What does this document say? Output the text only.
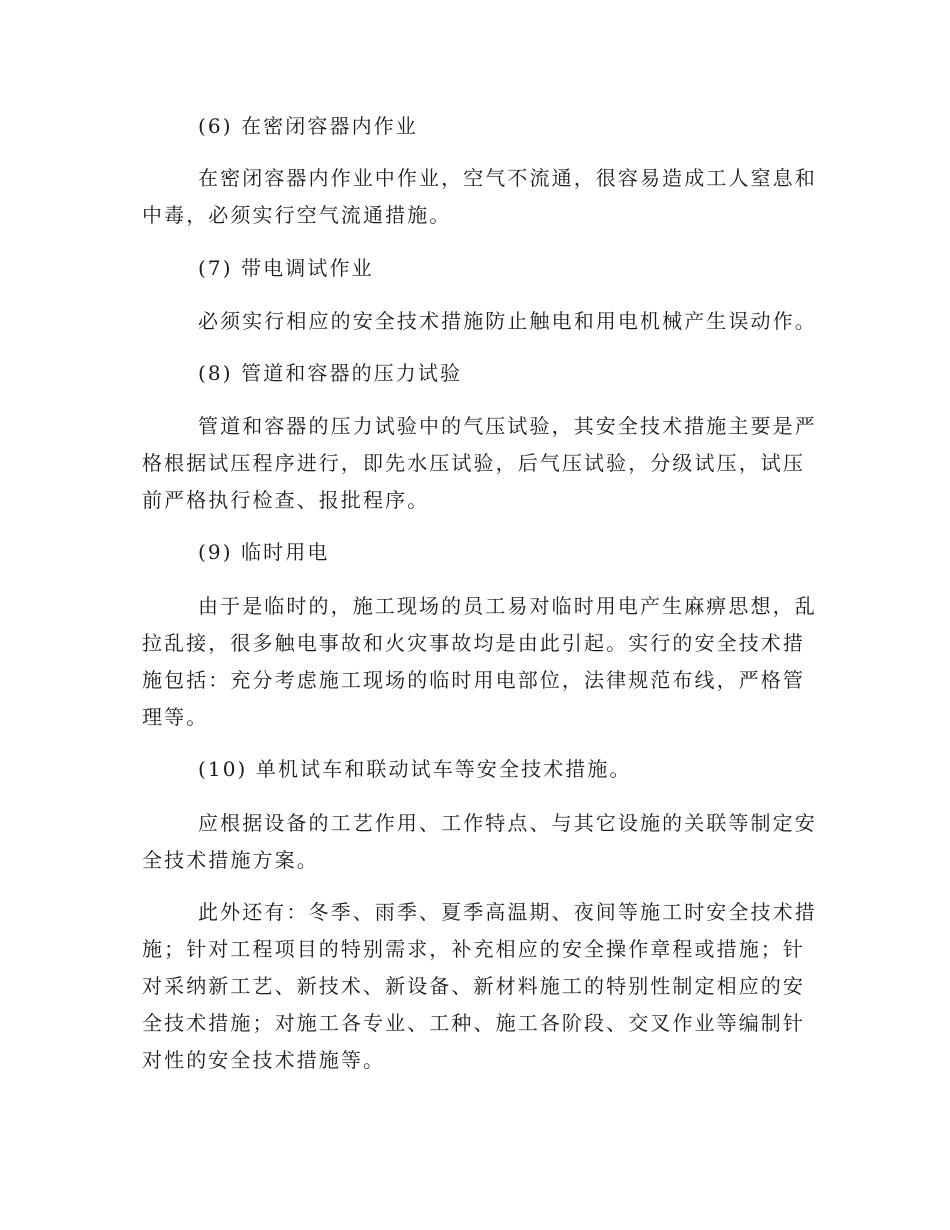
(6) 在密闭容器内作业
在密闭容器内作业中作业，空气不流通，很容易造成工人窒息和
中毒，必须实行空气流通措施。
(7) 带电调试作业
必须实行相应的安全技术措施防止触电和用电机械产生误动作。
(8) 管道和容器的压力试验
管道和容器的压力试验中的气压试验，其安全技术措施主要是严
格根据试压程序进行，即先水压试验，后气压试验，分级试压，试压
前严格执行检查、报批程序。
(9) 临时用电
由于是临时的，施工现场的员工易对临时用电产生麻痹思想，乱
拉乱接，很多触电事故和火灾事故均是由此引起。实行的安全技术措
施包括：充分考虑施工现场的临时用电部位，法律规范布线，严格管
理等。
(10) 单机试车和联动试车等安全技术措施。
应根据设备的工艺作用、工作特点、与其它设施的关联等制定安
全技术措施方案。
此外还有：冬季、雨季、夏季高温期、夜间等施工时安全技术措
施；针对工程项目的特别需求，补充相应的安全操作章程或措施；针
对采纳新工艺、新技术、新设备、新材料施工的特别性制定相应的安
全技术措施；对施工各专业、工种、施工各阶段、交叉作业等编制针
对性的安全技术措施等。
